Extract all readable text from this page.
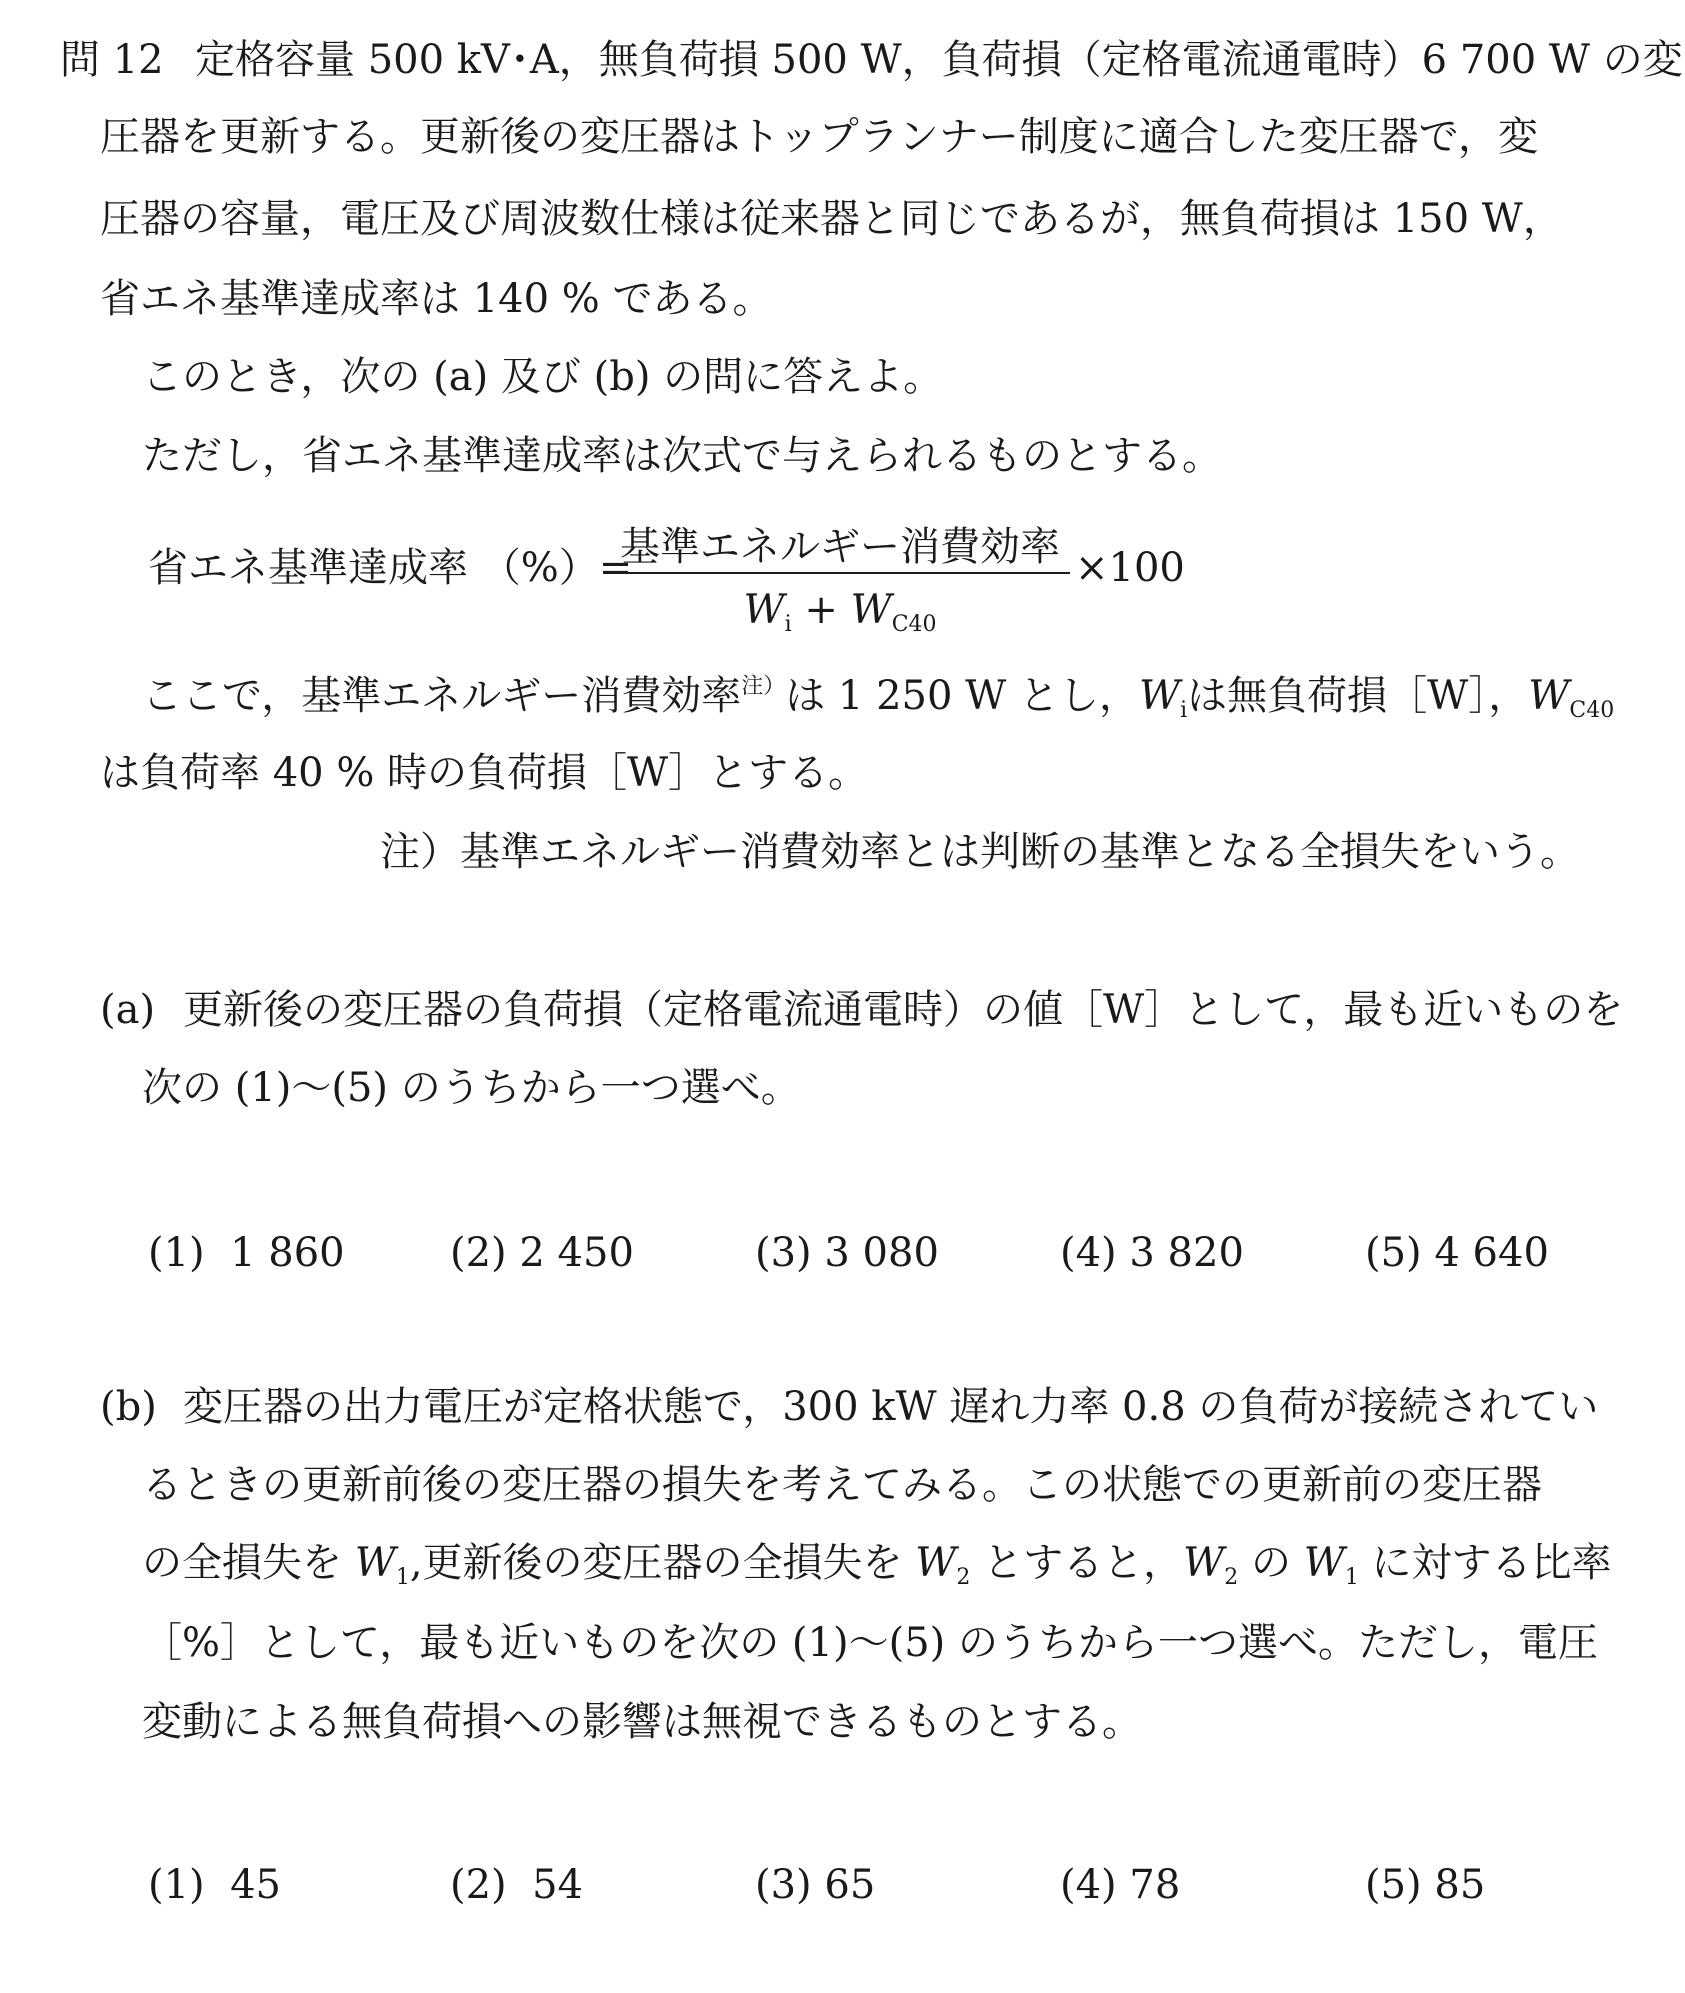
問 12 定格容量 500 kV･A，無負荷損 500 W，負荷損（定格電流通電時）6 700 W の変
圧器を更新する。更新後の変圧器はトップランナー制度に適合した変圧器で，変
圧器の容量，電圧及び周波数仕様は従来器と同じであるが，無負荷損は 150 W，
省エネ基準達成率は 140 % である。
このとき，次の (a) 及び (b) の問に答えよ。
ただし，省エネ基準達成率は次式で与えられるものとする。
省エネ基準達成率 （%）=
基準エネルギー消費効率
$W_i + W_{C40}$
×100
ここで，基準エネルギー消費効率$^{注)}$は 1 250 W とし，$W_i$は無負荷損［W］，$W_{C40}$
は負荷率 40 % 時の負荷損［W］とする。
注）基準エネルギー消費効率とは判断の基準となる全損失をいう。
(a) 更新後の変圧器の負荷損（定格電流通電時）の値［W］として，最も近いものを
次の (1)～(5) のうちから一つ選べ。
(1) 1 860	(2) 2 450	(3) 3 080	(4) 3 820	(5) 4 640
(b) 変圧器の出力電圧が定格状態で，300 kW 遅れ力率 0.8 の負荷が接続されてい
るときの更新前後の変圧器の損失を考えてみる。この状態での更新前の変圧器
の全損失を $W_1$,更新後の変圧器の全損失を $W_2$ とすると，$W_2$ の $W_1$ に対する比率
［%］として，最も近いものを次の (1)～(5) のうちから一つ選べ。ただし，電圧
変動による無負荷損への影響は無視できるものとする。
(1) 45	(2) 54	(3) 65	(4) 78	(5) 85
